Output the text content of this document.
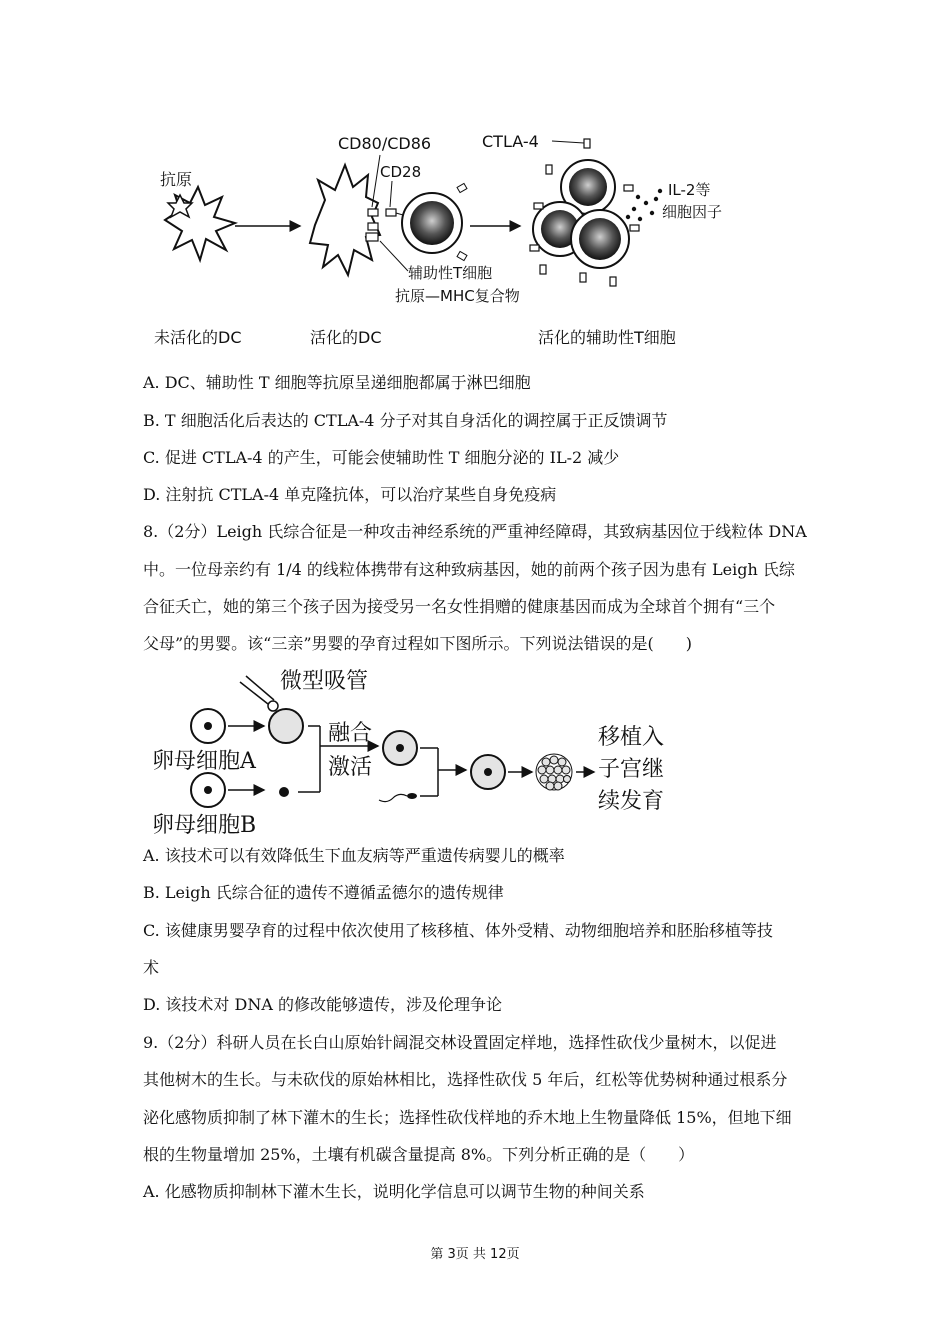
抗原
CD80/CD86
CD28
辅助性T细胞
抗原—MHC复合物
CTLA-4
IL-2等
细胞因子
未活化的DC	活化的DC	活化的辅助性T细胞
A. DC、辅助性 T 细胞等抗原呈递细胞都属于淋巴细胞
B. T 细胞活化后表达的 CTLA-4 分子对其自身活化的调控属于正反馈调节
C. 促进 CTLA-4 的产生，可能会使辅助性 T 细胞分泌的 IL-2 减少
D. 注射抗 CTLA-4 单克隆抗体，可以治疗某些自身免疫病
8.（2分）Leigh 氏综合征是一种攻击神经系统的严重神经障碍，其致病基因位于线粒体 DNA
中。一位母亲约有 1/4 的线粒体携带有这种致病基因，她的前两个孩子因为患有 Leigh 氏综
合征夭亡，她的第三个孩子因为接受另一名女性捐赠的健康基因而成为全球首个拥有“三个
父母”的男婴。该“三亲”男婴的孕育过程如下图所示。下列说法错误的是(　　)
微型吸管
卵母细胞A
卵母细胞B
融合
激活
移植入
子宫继
续发育
A. 该技术可以有效降低生下血友病等严重遗传病婴儿的概率
B. Leigh 氏综合征的遗传不遵循孟德尔的遗传规律
C. 该健康男婴孕育的过程中依次使用了核移植、体外受精、动物细胞培养和胚胎移植等技
术
D. 该技术对 DNA 的修改能够遗传，涉及伦理争论
9.（2分）科研人员在长白山原始针阔混交林设置固定样地，选择性砍伐少量树木，以促进
其他树木的生长。与未砍伐的原始林相比，选择性砍伐 5 年后，红松等优势树种通过根系分
泌化感物质抑制了林下灌木的生长；选择性砍伐样地的乔木地上生物量降低 15%，但地下细
根的生物量增加 25%，土壤有机碳含量提高 8%。下列分析正确的是（　　）
A. 化感物质抑制林下灌木生长，说明化学信息可以调节生物的种间关系
第 3页 共 12页
